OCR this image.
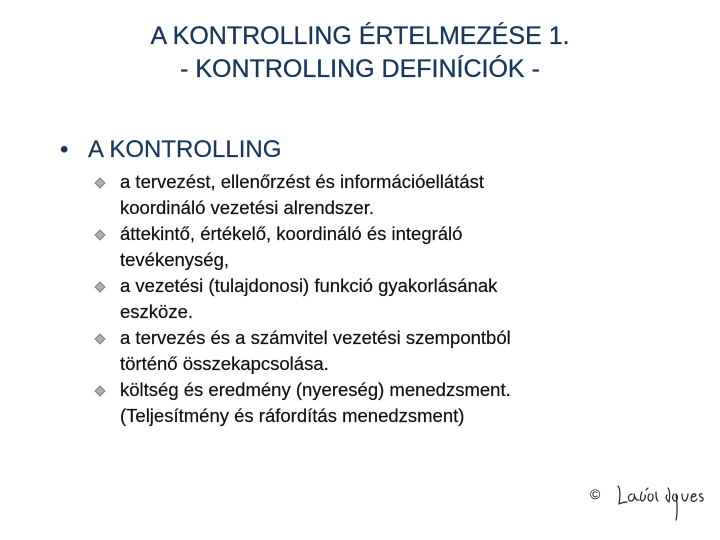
A KONTROLLING ÉRTELMEZÉSE 1.
- KONTROLLING DEFINÍCIÓK -
• A KONTROLLING
a tervezést, ellenőrzést és információellátást
koordináló vezetési alrendszer.
áttekintő, értékelő, koordináló és integráló
tevékenység,
a vezetési (tulajdonosi) funkció gyakorlásának
eszköze.
a tervezés és a számvitel vezetési szempontból
történő összekapcsolása.
költség és eredmény (nyereség) menedzsment.
(Teljesítmény és ráfordítás menedzsment)
©
